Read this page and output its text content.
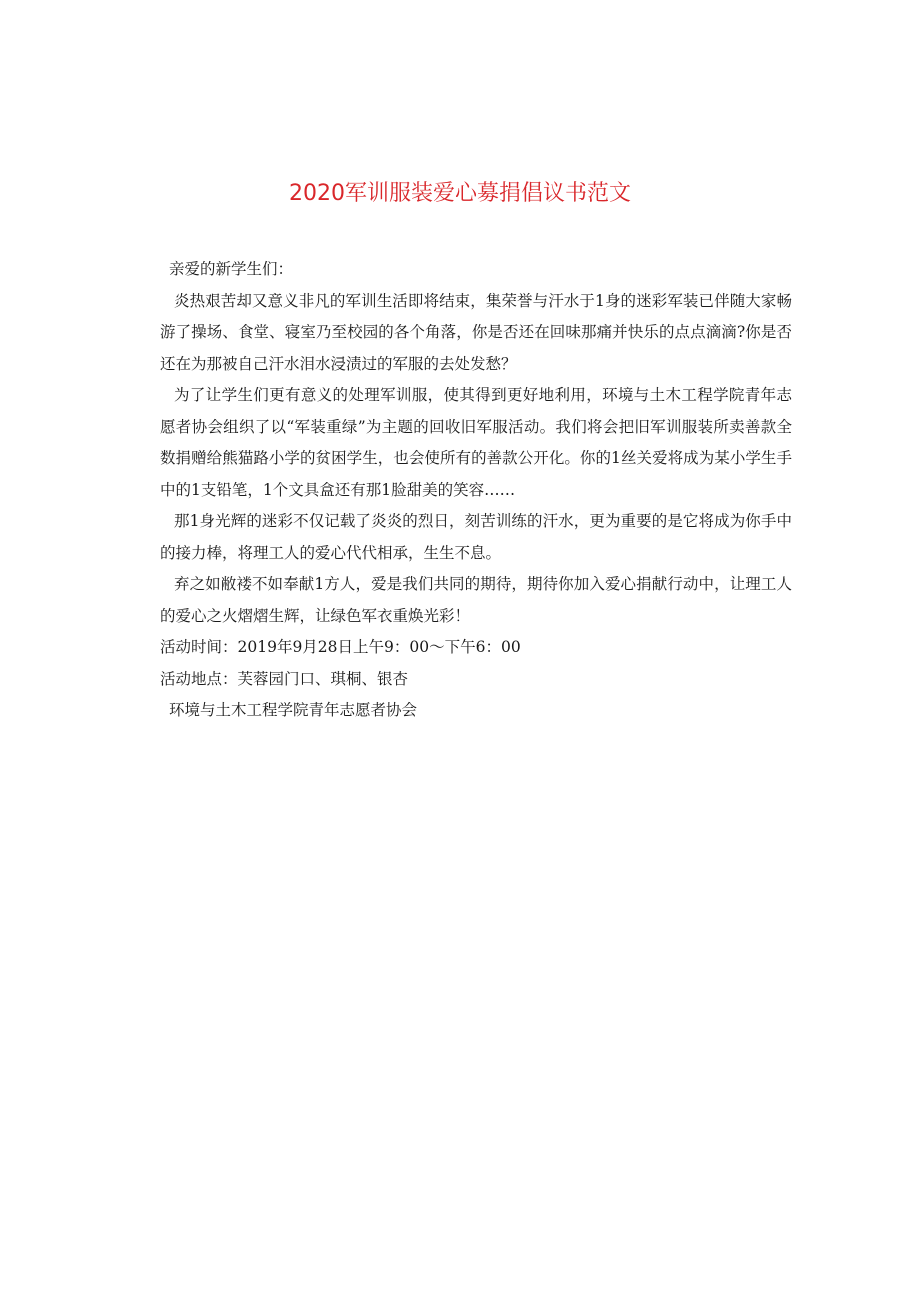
2020军训服装爱心募捐倡议书范文

亲爱的新学生们：

炎热艰苦却又意义非凡的军训生活即将结束，集荣誉与汗水于1身的迷彩军装已伴随大家畅游了操场、食堂、寝室乃至校园的各个角落，你是否还在回味那痛并快乐的点点滴滴?你是否还在为那被自己汗水泪水浸渍过的军服的去处发愁？

为了让学生们更有意义的处理军训服，使其得到更好地利用，环境与土木工程学院青年志愿者协会组织了以“军装重绿”为主题的回收旧军服活动。我们将会把旧军训服装所卖善款全数捐赠给熊猫路小学的贫困学生，也会使所有的善款公开化。你的1丝关爱将成为某小学生手中的1支铅笔，1个文具盒还有那1脸甜美的笑容……

那1身光辉的迷彩不仅记载了炎炎的烈日，刻苦训练的汗水，更为重要的是它将成为你手中的接力棒，将理工人的爱心代代相承，生生不息。

弃之如敝褛不如奉献1方人，爱是我们共同的期待，期待你加入爱心捐献行动中，让理工人的爱心之火熠熠生辉，让绿色军衣重焕光彩！

活动时间：2019年9月28日上午9：00～下午6：00

活动地点：芙蓉园门口、琪桐、银杏

环境与土木工程学院青年志愿者协会
